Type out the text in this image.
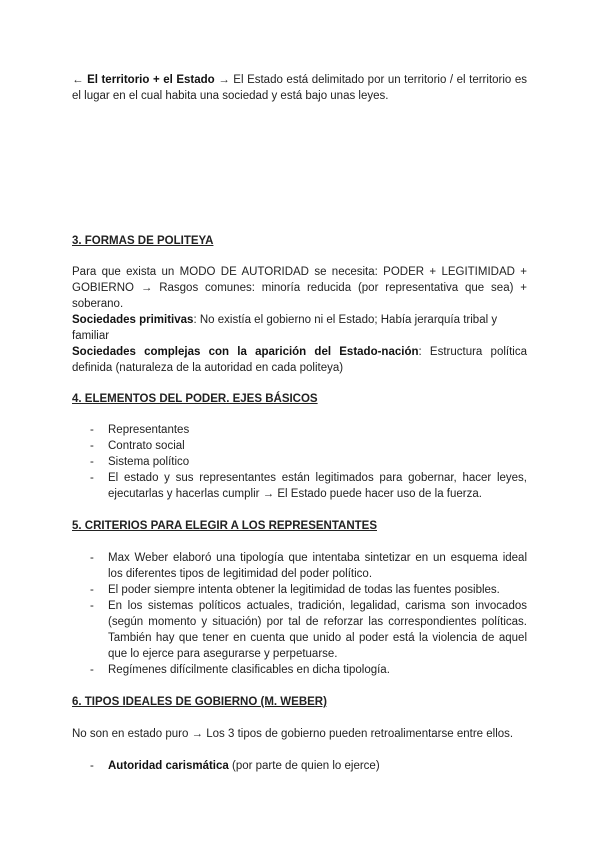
← El territorio + el Estado → El Estado está delimitado por un territorio / el territorio es el lugar en el cual habita una sociedad y está bajo unas leyes.
3. FORMAS DE POLITEYA
Para que exista un MODO DE AUTORIDAD se necesita: PODER + LEGITIMIDAD + GOBIERNO → Rasgos comunes: minoría reducida (por representativa que sea) + soberano.
Sociedades primitivas: No existía el gobierno ni el Estado; Había jerarquía tribal y familiar
Sociedades complejas con la aparición del Estado-nación: Estructura política definida (naturaleza de la autoridad en cada politeya)
4. ELEMENTOS DEL PODER. EJES BÁSICOS
- Representantes
- Contrato social
- Sistema político
- El estado y sus representantes están legitimados para gobernar, hacer leyes, ejecutarlas y hacerlas cumplir → El Estado puede hacer uso de la fuerza.
5. CRITERIOS PARA ELEGIR A LOS REPRESENTANTES
- Max Weber elaboró una tipología que intentaba sintetizar en un esquema ideal los diferentes tipos de legitimidad del poder político.
- El poder siempre intenta obtener la legitimidad de todas las fuentes posibles.
- En los sistemas políticos actuales, tradición, legalidad, carisma son invocados (según momento y situación) por tal de reforzar las correspondientes políticas. También hay que tener en cuenta que unido al poder está la violencia de aquel que lo ejerce para asegurarse y perpetuarse.
- Regímenes difícilmente clasificables en dicha tipología.
6. TIPOS IDEALES DE GOBIERNO (M. WEBER)
No son en estado puro → Los 3 tipos de gobierno pueden retroalimentarse entre ellos.
- Autoridad carismática (por parte de quien lo ejerce)
